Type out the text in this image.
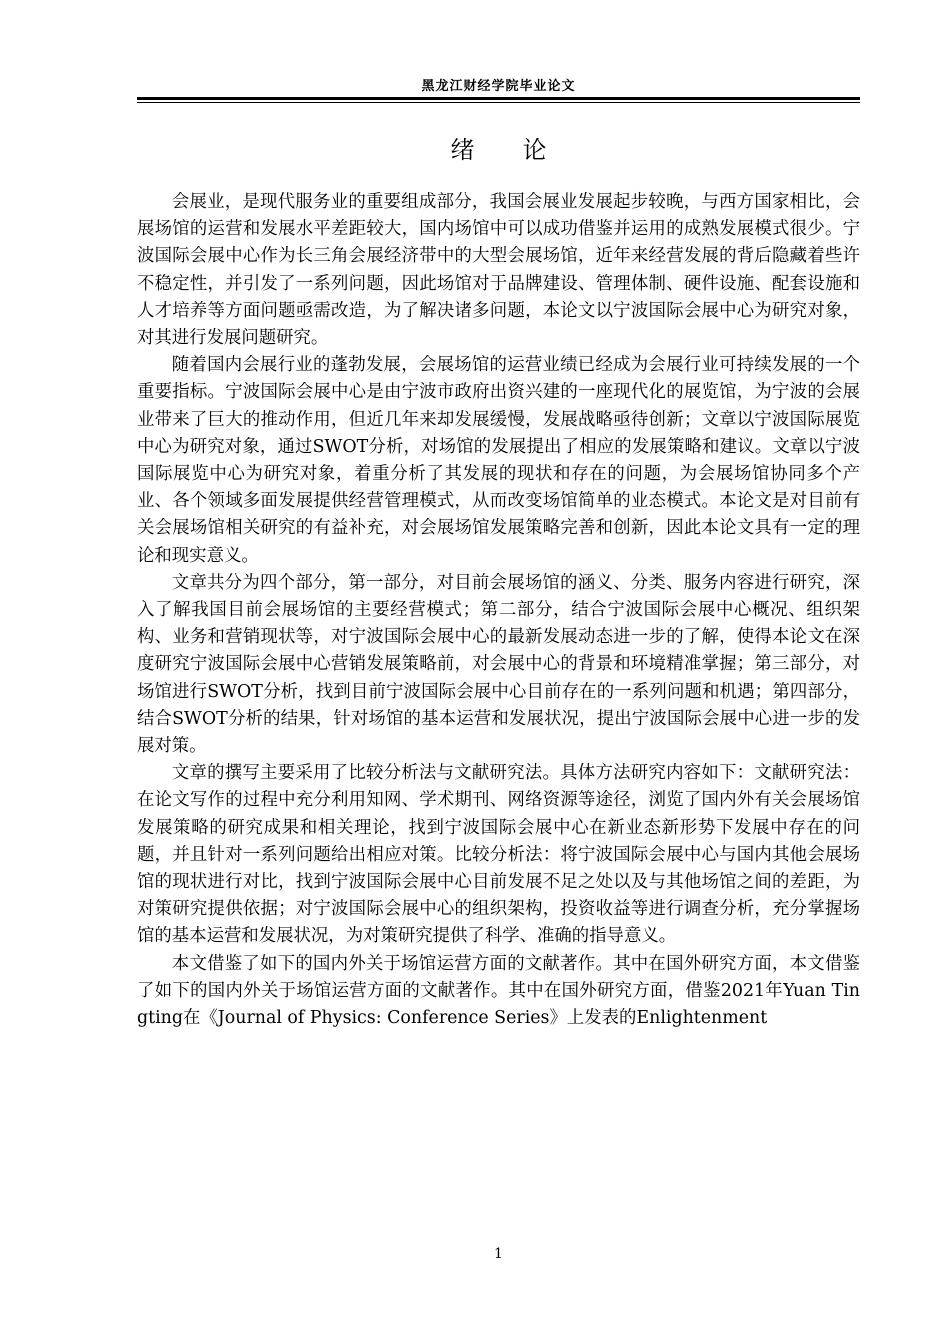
黑龙江财经学院毕业论文
绪 论

会展业，是现代服务业的重要组成部分，我国会展业发展起步较晚，与西方国家相比，会展场馆的运营和发展水平差距较大，国内场馆中可以成功借鉴并运用的成熟发展模式很少。宁波国际会展中心作为长三角会展经济带中的大型会展场馆，近年来经营发展的背后隐藏着些许不稳定性，并引发了一系列问题，因此场馆对于品牌建设、管理体制、硬件设施、配套设施和人才培养等方面问题亟需改造，为了解决诸多问题，本论文以宁波国际会展中心为研究对象，对其进行发展问题研究。

随着国内会展行业的蓬勃发展，会展场馆的运营业绩已经成为会展行业可持续发展的一个重要指标。宁波国际会展中心是由宁波市政府出资兴建的一座现代化的展览馆，为宁波的会展业带来了巨大的推动作用，但近几年来却发展缓慢，发展战略亟待创新；文章以宁波国际展览中心为研究对象，通过SWOT分析，对场馆的发展提出了相应的发展策略和建议。文章以宁波国际展览中心为研究对象，着重分析了其发展的现状和存在的问题，为会展场馆协同多个产业、各个领域多面发展提供经营管理模式，从而改变场馆简单的业态模式。本论文是对目前有关会展场馆相关研究的有益补充，对会展场馆发展策略完善和创新，因此本论文具有一定的理论和现实意义。

文章共分为四个部分，第一部分，对目前会展场馆的涵义、分类、服务内容进行研究，深入了解我国目前会展场馆的主要经营模式；第二部分，结合宁波国际会展中心概况、组织架构、业务和营销现状等，对宁波国际会展中心的最新发展动态进一步的了解，使得本论文在深度研究宁波国际会展中心营销发展策略前，对会展中心的背景和环境精准掌握；第三部分，对场馆进行SWOT分析，找到目前宁波国际会展中心目前存在的一系列问题和机遇；第四部分，结合SWOT分析的结果，针对场馆的基本运营和发展状况，提出宁波国际会展中心进一步的发展对策。

文章的撰写主要采用了比较分析法与文献研究法。具体方法研究内容如下：文献研究法：在论文写作的过程中充分利用知网、学术期刊、网络资源等途径，浏览了国内外有关会展场馆发展策略的研究成果和相关理论，找到宁波国际会展中心在新业态新形势下发展中存在的问题，并且针对一系列问题给出相应对策。比较分析法：将宁波国际会展中心与国内其他会展场馆的现状进行对比，找到宁波国际会展中心目前发展不足之处以及与其他场馆之间的差距，为对策研究提供依据；对宁波国际会展中心的组织架构，投资收益等进行调查分析，充分掌握场馆的基本运营和发展状况，为对策研究提供了科学、准确的指导意义。

本文借鉴了如下的国内外关于场馆运营方面的文献著作。其中在国外研究方面，本文借鉴了如下的国内外关于场馆运营方面的文献著作。其中在国外研究方面，借鉴2021年Yuan Tingting在《Journal of Physics: Conference Series》上发表的Enlightenment

1
